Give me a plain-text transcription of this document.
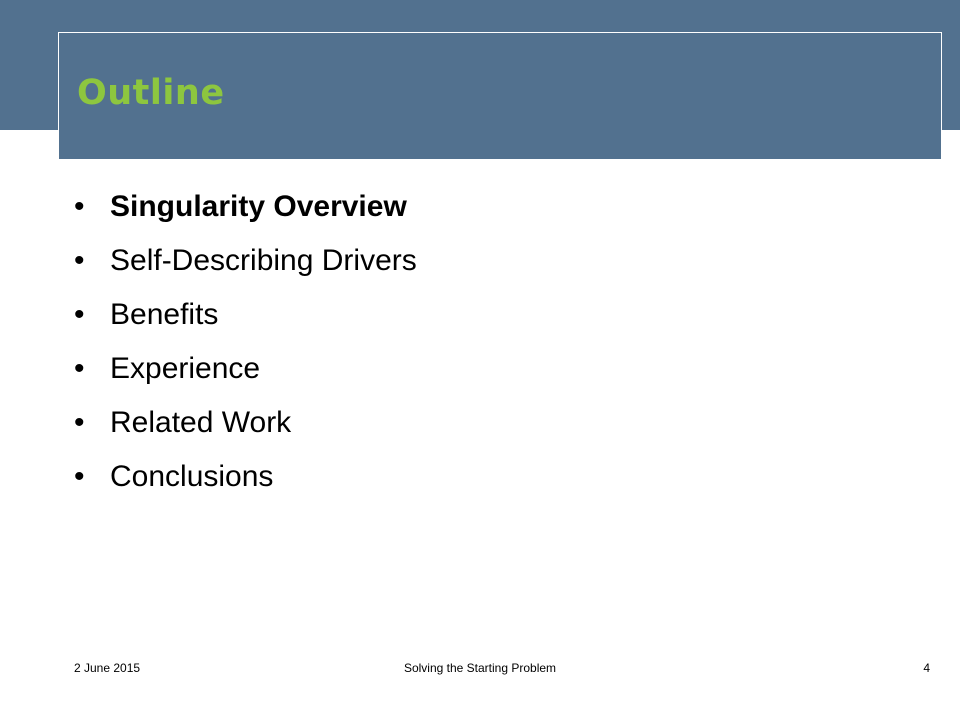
Outline
• Singularity Overview
• Self-Describing Drivers
• Benefits
• Experience
• Related Work
• Conclusions
2 June 2015	Solving the Starting Problem	4
